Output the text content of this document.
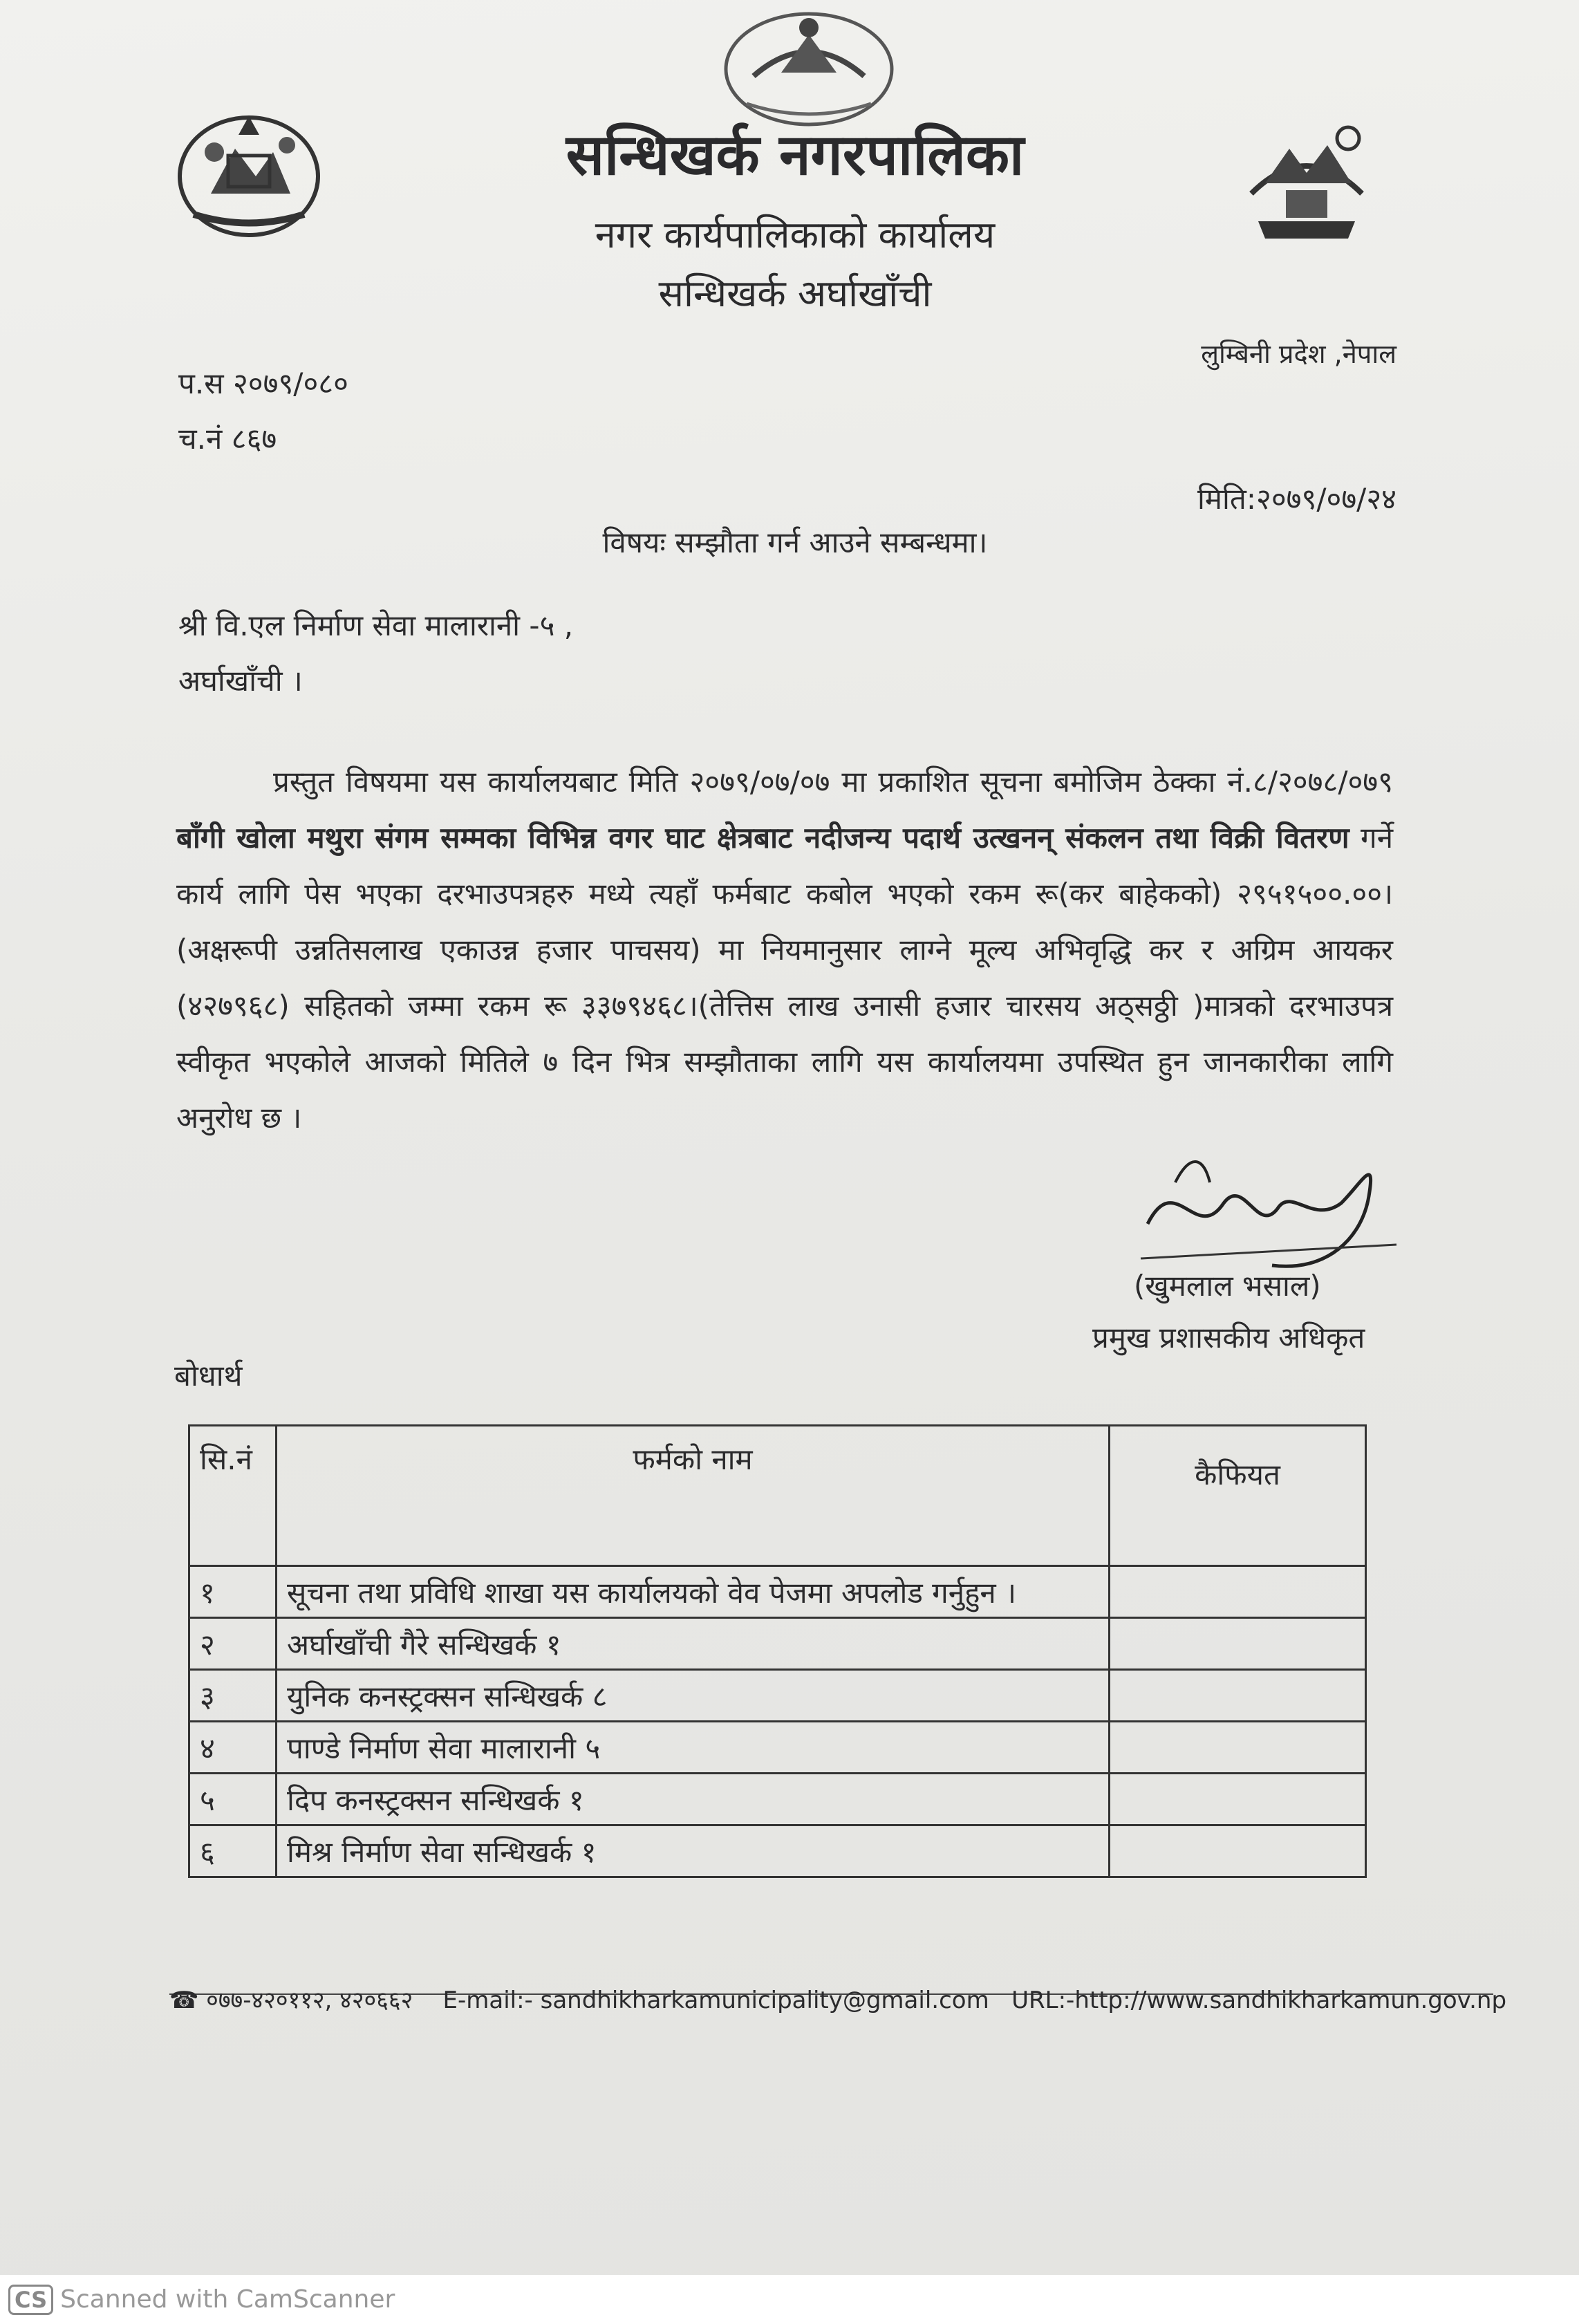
सन्धिखर्क नगरपालिका
नगर कार्यपालिकाको कार्यालय
सन्धिखर्क अर्घाखाँची
लुम्बिनी प्रदेश ,नेपाल
प.स २०७९/०८०
च.नं ८६७
मिति:२०७९/०७/२४
विषयः सम्झौता गर्न आउने सम्बन्धमा।
श्री वि.एल निर्माण सेवा मालारानी -५ ,
अर्घाखाँची ।
प्रस्तुत विषयमा यस कार्यालयबाट मिति २०७९/०७/०७ मा प्रकाशित सूचना बमोजिम ठेक्का नं.८/२०७८/०७९ बाँगी खोला मथुरा संगम सम्मका विभिन्न वगर घाट क्षेत्रबाट नदीजन्य पदार्थ उत्खनन् संकलन तथा विक्री वितरण गर्ने कार्य लागि पेस भएका दरभाउपत्रहरु मध्ये त्यहाँ फर्मबाट कबोल भएको रकम रू(कर बाहेकको) २९५१५००.००।(अक्षरूपी उन्नतिसलाख एकाउन्न हजार पाचसय) मा नियमानुसार लाग्ने मूल्य अभिवृद्धि कर र अग्रिम आयकर (४२७९६८) सहितको जम्मा रकम रू ३३७९४६८।(तेत्तिस लाख उनासी हजार चारसय अठ्सठ्ठी )मात्रको दरभाउपत्र स्वीकृत भएकोले आजको मितिले ७ दिन भित्र सम्झौताका लागि यस कार्यालयमा उपस्थित हुन जानकारीका लागि अनुरोध छ ।
(खुमलाल भसाल)
प्रमुख प्रशासकीय अधिकृत
बोधार्थ
सि.नं	फर्मको नाम	कैफियत
१	सूचना तथा प्रविधि शाखा यस कार्यालयको वेव पेजमा अपलोड गर्नुहुन ।	
२	अर्घाखाँची गैरे सन्धिखर्क १	
३	युनिक कनस्ट्रक्सन सन्धिखर्क ८	
४	पाण्डे निर्माण सेवा मालारानी ५	
५	दिप कनस्ट्रक्सन सन्धिखर्क १	
६	मिश्र निर्माण सेवा सन्धिखर्क १	
☎ ०७७-४२०११२, ४२०६६२ E-mail:- sandhikharkamunicipality@gmail.com URL:-http://www.sandhikharkamun.gov.np
CS Scanned with CamScanner
